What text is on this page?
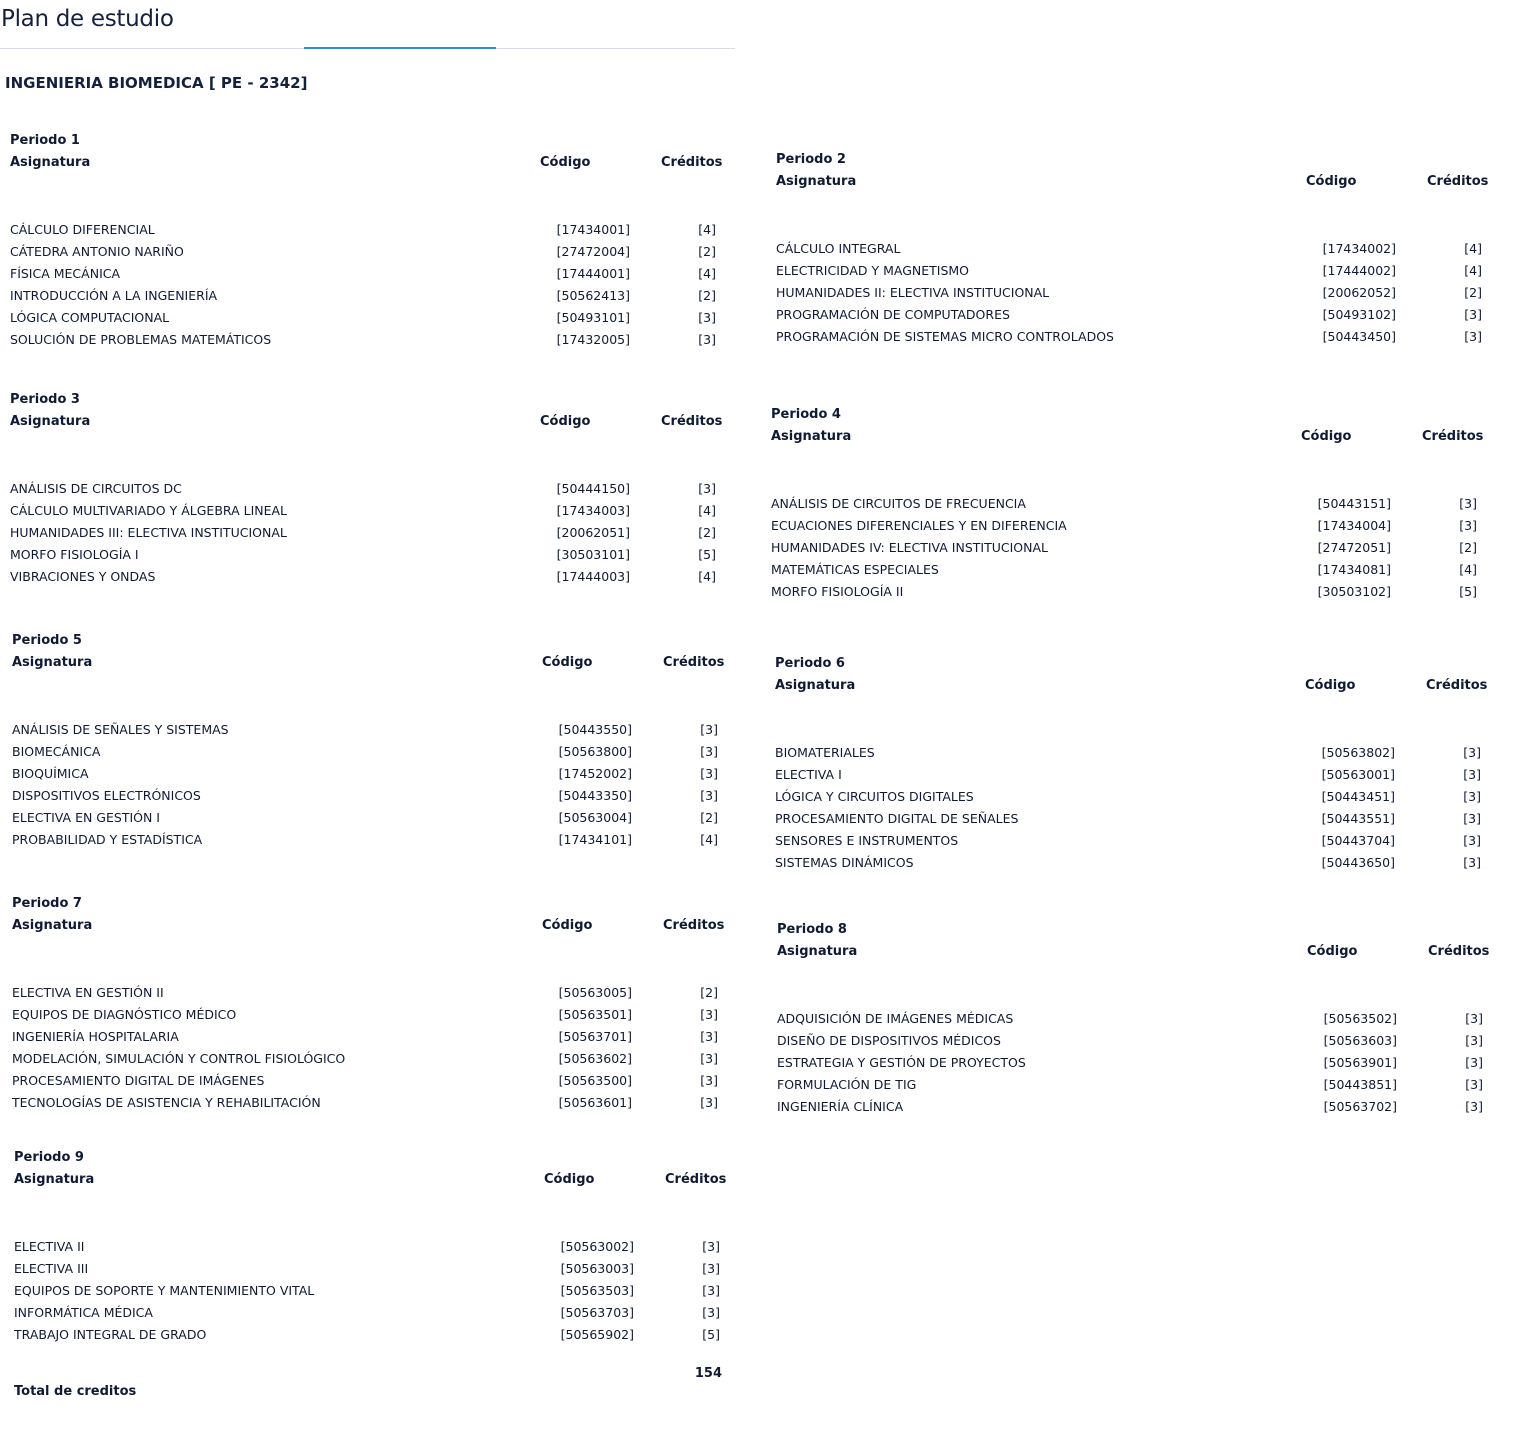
Plan de estudio
INGENIERIA BIOMEDICA [ PE - 2342]
Periodo 1
Asignatura	Código	Créditos
CÁLCULO DIFERENCIAL	[17434001]	[4]
CÁTEDRA ANTONIO NARIÑO	[27472004]	[2]
FÍSICA MECÁNICA	[17444001]	[4]
INTRODUCCIÓN A LA INGENIERÍA	[50562413]	[2]
LÓGICA COMPUTACIONAL	[50493101]	[3]
SOLUCIÓN DE PROBLEMAS MATEMÁTICOS	[17432005]	[3]
Periodo 2
Asignatura	Código	Créditos
CÁLCULO INTEGRAL	[17434002]	[4]
ELECTRICIDAD Y MAGNETISMO	[17444002]	[4]
HUMANIDADES II: ELECTIVA INSTITUCIONAL	[20062052]	[2]
PROGRAMACIÓN DE COMPUTADORES	[50493102]	[3]
PROGRAMACIÓN DE SISTEMAS MICRO CONTROLADOS	[50443450]	[3]
Periodo 3
Asignatura	Código	Créditos
ANÁLISIS DE CIRCUITOS DC	[50444150]	[3]
CÁLCULO MULTIVARIADO Y ÁLGEBRA LINEAL	[17434003]	[4]
HUMANIDADES III: ELECTIVA INSTITUCIONAL	[20062051]	[2]
MORFO FISIOLOGÍA I	[30503101]	[5]
VIBRACIONES Y ONDAS	[17444003]	[4]
Periodo 4
Asignatura	Código	Créditos
ANÁLISIS DE CIRCUITOS DE FRECUENCIA	[50443151]	[3]
ECUACIONES DIFERENCIALES Y EN DIFERENCIA	[17434004]	[3]
HUMANIDADES IV: ELECTIVA INSTITUCIONAL	[27472051]	[2]
MATEMÁTICAS ESPECIALES	[17434081]	[4]
MORFO FISIOLOGÍA II	[30503102]	[5]
Periodo 5
Asignatura	Código	Créditos
ANÁLISIS DE SEÑALES Y SISTEMAS	[50443550]	[3]
BIOMECÁNICA	[50563800]	[3]
BIOQUÍMICA	[17452002]	[3]
DISPOSITIVOS ELECTRÓNICOS	[50443350]	[3]
ELECTIVA EN GESTIÓN I	[50563004]	[2]
PROBABILIDAD Y ESTADÍSTICA	[17434101]	[4]
Periodo 6
Asignatura	Código	Créditos
BIOMATERIALES	[50563802]	[3]
ELECTIVA I	[50563001]	[3]
LÓGICA Y CIRCUITOS DIGITALES	[50443451]	[3]
PROCESAMIENTO DIGITAL DE SEÑALES	[50443551]	[3]
SENSORES E INSTRUMENTOS	[50443704]	[3]
SISTEMAS DINÁMICOS	[50443650]	[3]
Periodo 7
Asignatura	Código	Créditos
ELECTIVA EN GESTIÓN II	[50563005]	[2]
EQUIPOS DE DIAGNÓSTICO MÉDICO	[50563501]	[3]
INGENIERÍA HOSPITALARIA	[50563701]	[3]
MODELACIÓN, SIMULACIÓN Y CONTROL FISIOLÓGICO	[50563602]	[3]
PROCESAMIENTO DIGITAL DE IMÁGENES	[50563500]	[3]
TECNOLOGÍAS DE ASISTENCIA Y REHABILITACIÓN	[50563601]	[3]
Periodo 8
Asignatura	Código	Créditos
ADQUISICIÓN DE IMÁGENES MÉDICAS	[50563502]	[3]
DISEÑO DE DISPOSITIVOS MÉDICOS	[50563603]	[3]
ESTRATEGIA Y GESTIÓN DE PROYECTOS	[50563901]	[3]
FORMULACIÓN DE TIG	[50443851]	[3]
INGENIERÍA CLÍNICA	[50563702]	[3]
Periodo 9
Asignatura	Código	Créditos
ELECTIVA II	[50563002]	[3]
ELECTIVA III	[50563003]	[3]
EQUIPOS DE SOPORTE Y MANTENIMIENTO VITAL	[50563503]	[3]
INFORMÁTICA MÉDICA	[50563703]	[3]
TRABAJO INTEGRAL DE GRADO	[50565902]	[5]
154
Total de creditos
